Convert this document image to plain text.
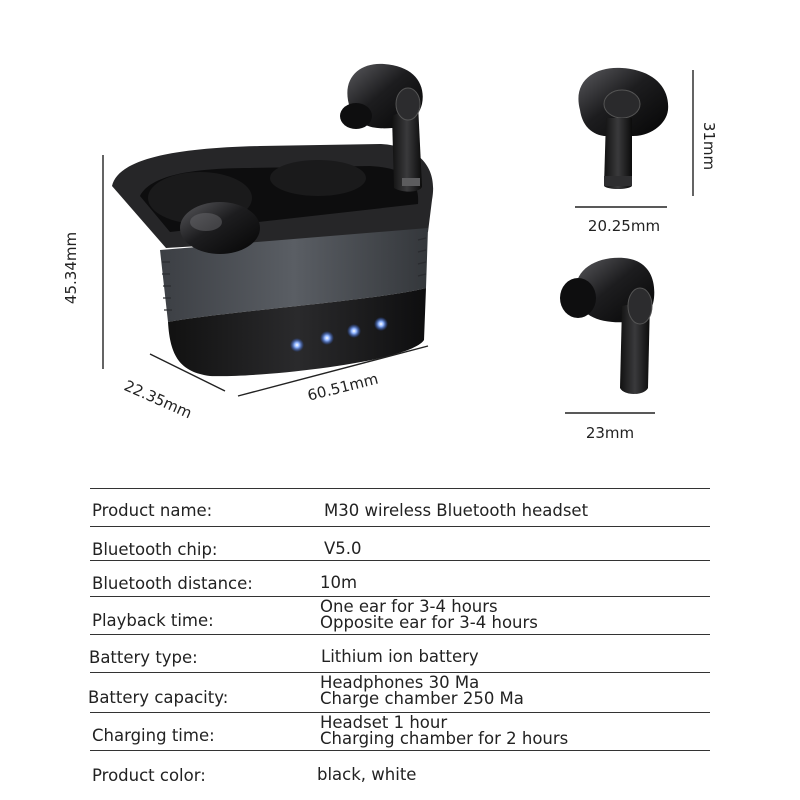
45.34mm
22.35mm	60.51mm
31mm
20.25mm
23mm
Product name:	M30 wireless Bluetooth headset
Bluetooth chip:	V5.0
Bluetooth distance:	10m
Playback time:
One ear for 3-4 hours
Opposite ear for 3-4 hours
Battery type:	Lithium ion battery
Battery capacity:
Headphones 30 Ma
Charge chamber 250 Ma
Charging time:
Headset 1 hour
Charging chamber for 2 hours
Product color:	black, white
